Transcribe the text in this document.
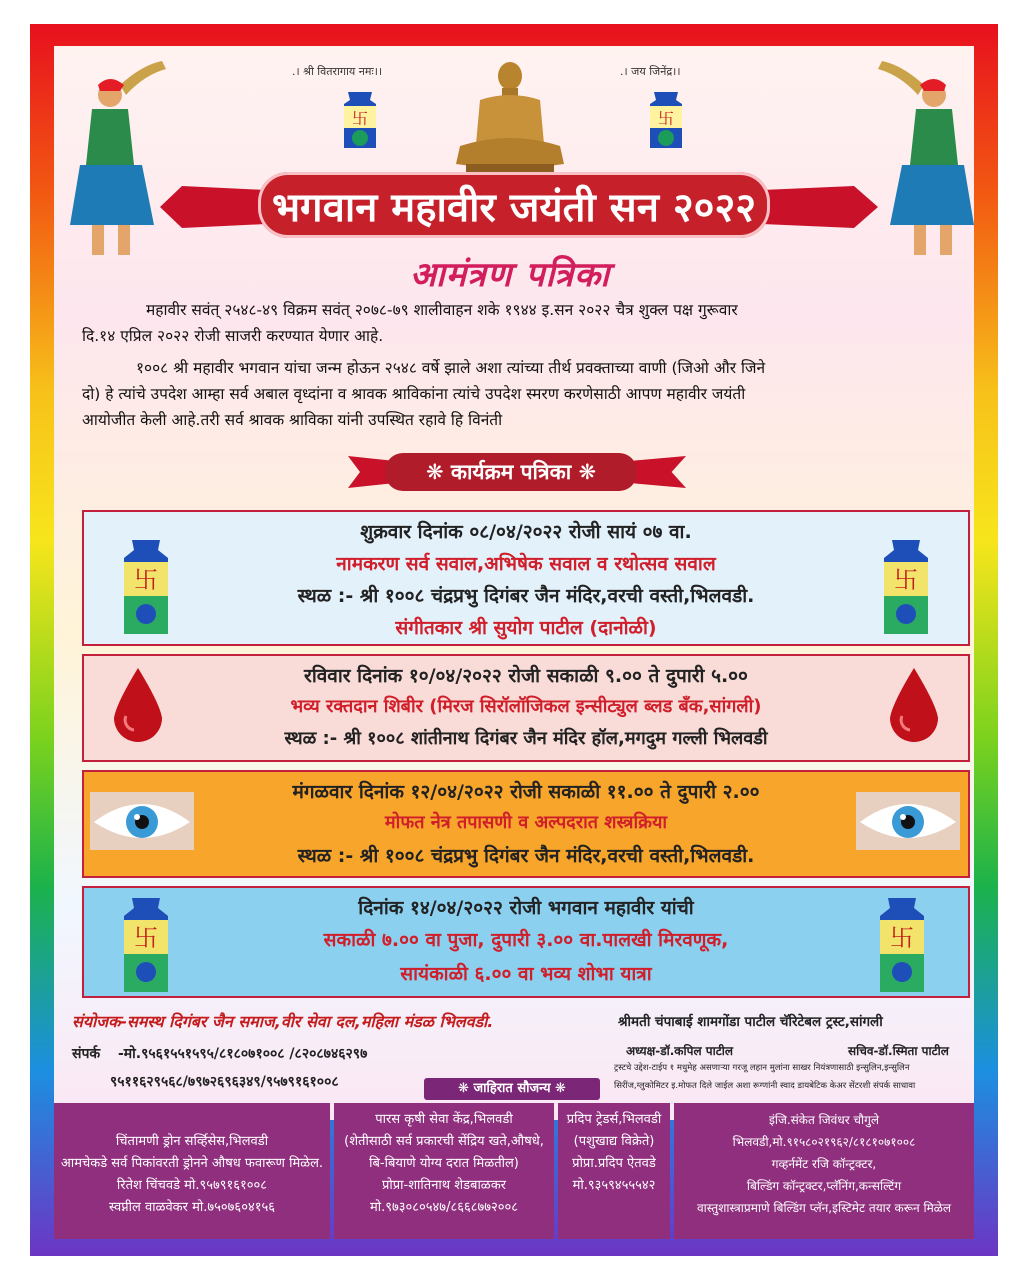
.। श्री वितरागाय नमः।।	.। जय जिनेंद्र।।
卐	卐
भगवान महावीर जयंती सन २०२२
आमंत्रण पत्रिका
महावीर सवंत् २५४८-४९ विक्रम सवंत् २०७८-७९ शालीवाहन शके १९४४ इ.सन २०२२ चैत्र शुक्ल पक्ष गुरूवार
दि.१४ एप्रिल २०२२ रोजी साजरी करण्यात येणार आहे.
१००८ श्री महावीर भगवान यांचा जन्म होऊन २५४८ वर्षे झाले अशा त्यांच्या तीर्थ प्रवक्ताच्या वाणी (जिओ और जिने
दो) हे त्यांचे उपदेश आम्हा सर्व अबाल वृध्दांना व श्रावक श्राविकांना त्यांचे उपदेश स्मरण करणेसाठी आपण महावीर जयंती
आयोजीत केली आहे.तरी सर्व श्रावक श्राविका यांनी उपस्थित रहावे हि विनंती
❋ कार्यक्रम पत्रिका ❋
शुक्रवार दिनांक ०८/०४/२०२२ रोजी सायं ०७ वा.
नामकरण सर्व सवाल,अभिषेक सवाल व रथोत्सव सवाल
स्थळ :- श्री १००८ चंद्रप्रभु दिगंबर जैन मंदिर,वरची वस्ती,भिलवडी.
संगीतकार श्री सुयोग पाटील (दानोळी)
卐	卐
रविवार दिनांक १०/०४/२०२२ रोजी सकाळी ९.०० ते दुपारी ५.००
भव्य रक्तदान शिबीर (मिरज सिरॉलॉजिकल इन्सीट्युल ब्लड बँक,सांगली)
स्थळ :- श्री १००८ शांतीनाथ दिगंबर जैन मंदिर हॉल,मगदुम गल्ली भिलवडी
मंगळवार दिनांक १२/०४/२०२२ रोजी सकाळी ११.०० ते दुपारी २.००
मोफत नेत्र तपासणी व अल्पदरात शस्त्रक्रिया
स्थळ :- श्री १००८ चंद्रप्रभु दिगंबर जैन मंदिर,वरची वस्ती,भिलवडी.
दिनांक १४/०४/२०२२ रोजी भगवान महावीर यांची
सकाळी ७.०० वा पुजा, दुपारी ३.०० वा.पालखी मिरवणूक,
सायंकाळी ६.०० वा भव्य शोभा यात्रा
卐	卐
संयोजक-समस्थ दिगंबर जैन समाज,वीर सेवा दल,महिला मंडळ भिलवडी.
संपर्क -मो.९५६१५५१५९५/८१८०७१००८ /८२०८७४६२९७
९५११६२९५६८/७९७२६९६३४९/९५७९१६१००८	❋ जाहिरात सौजन्य ❋
श्रीमती चंपाबाई शामगोंडा पाटील चॅरिटेबल ट्रस्ट,सांगली
अध्यक्ष-डॉ.कपिल पाटील	सचिव-डॉ.स्मिता पाटील
ट्रस्टचे उद्देश-टाईप १ मधुमेह असणाऱ्या गरजू लहान मुलांना साखर नियंत्रणासाठी इन्सुलिन,इन्सुलिन
सिरींज,ग्लुकोमिटर इ.मोफत दिले जाईल अशा रूग्णांनी स्वाद डायबेटिक केअर सेंटरशी संपर्क साधावा
चिंतामणी ड्रोन सर्व्हिसेस,भिलवडी
आमचेकडे सर्व पिकांवरती ड्रोनने औषध फवारूण मिळेल.
रितेश चिंचवडे मो.९५७९१६१००८
स्वप्नील वाळवेकर मो.७५०७६०४१५६
पारस कृषी सेवा केंद्र,भिलवडी
(शेतीसाठी सर्व प्रकारची सेंद्रिय खते,औषधे,
बि-बियाणे योग्य दरात मिळतील)
प्रोप्रा-शातिनाथ शेडबाळकर
मो.९७३०८०५४७/८६६८७७२००८
प्रदिप ट्रेडर्स,भिलवडी
(पशुखाद्य विक्रेते)
प्रोप्रा.प्रदिप ऐतवडे
मो.९३५९४५५५४२
इंजि.संकेत जिवंधर चौगुले
भिलवडी,मो.९१५८०२१९६२/८१८१०७१००८
गव्हर्नमेंट रजि कॉन्ट्रक्टर,
बिल्डिंग कॉन्ट्रक्टर,प्लॅनिंग,कन्सल्टिंग
वास्तुशास्त्राप्रमाणे बिल्डिंग प्लॅन,इस्टिमेट तयार करून मिळेल
